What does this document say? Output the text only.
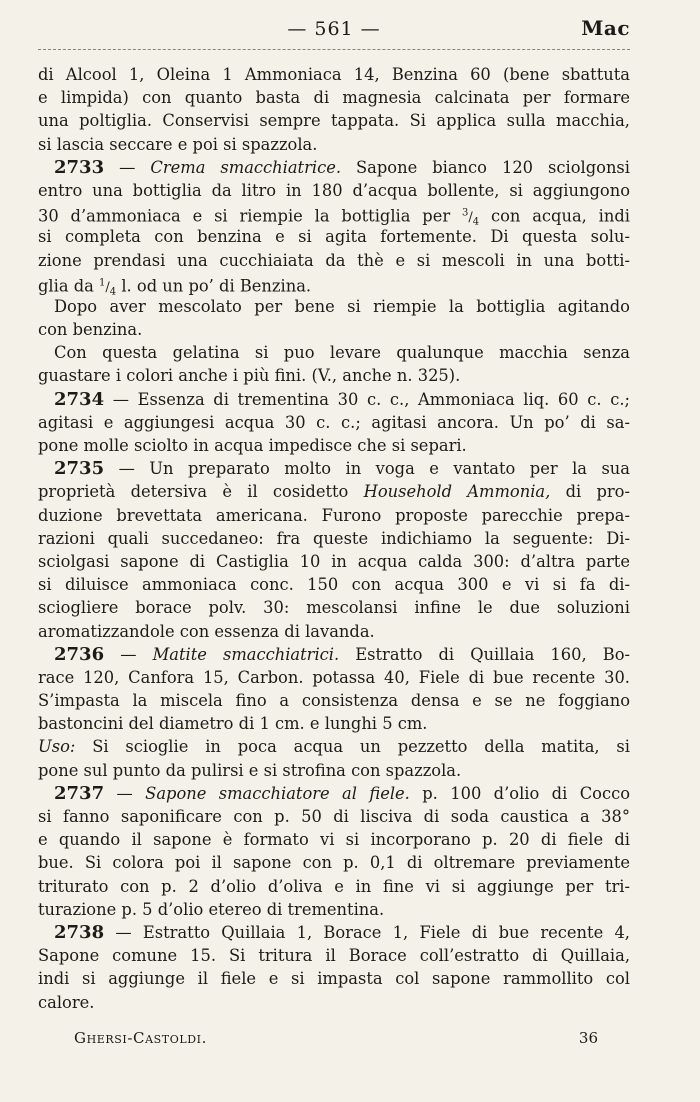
— 561 —	Mac
di Alcool 1, Oleina 1 Ammoniaca 14, Benzina 60 (bene sbattuta
e limpida) con quanto basta di magnesia calcinata per formare
una poltiglia. Conservisi sempre tappata. Si applica sulla macchia,
si lascia seccare e poi si spazzola.
2733 — Crema smacchiatrice. Sapone bianco 120 sciolgonsi
entro una bottiglia da litro in 180 d’acqua bollente, si aggiungono
30 d’ammoniaca e si riempie la bottiglia per $^3/_4$ con acqua, indi
si completa con benzina e si agita fortemente. Di questa solu-
zione prendasi una cucchiaiata da thè e si mescoli in una botti-
glia da $^1/_4$ l. od un po’ di Benzina.
Dopo aver mescolato per bene si riempie la bottiglia agitando
con benzina.
Con questa gelatina si puo levare qualunque macchia senza
guastare i colori anche i più fini. (V., anche n. 325).
2734 — Essenza di trementina 30 c. c., Ammoniaca liq. 60 c. c.;
agitasi e aggiungesi acqua 30 c. c.; agitasi ancora. Un po’ di sa-
pone molle sciolto in acqua impedisce che si separi.
2735 — Un preparato molto in voga e vantato per la sua
proprietà detersiva è il cosidetto Household Ammonia, di pro-
duzione brevettata americana. Furono proposte parecchie prepa-
razioni quali succedaneo: fra queste indichiamo la seguente: Di-
sciolgasi sapone di Castiglia 10 in acqua calda 300: d’altra parte
si diluisce ammoniaca conc. 150 con acqua 300 e vi si fa di-
sciogliere borace polv. 30: mescolansi infine le due soluzioni
aromatizzandole con essenza di lavanda.
2736 — Matite smacchiatrici. Estratto di Quillaia 160, Bo-
race 120, Canfora 15, Carbon. potassa 40, Fiele di bue recente 30.
S’impasta la miscela fino a consistenza densa e se ne foggiano
bastoncini del diametro di 1 cm. e lunghi 5 cm.
Uso: Si scioglie in poca acqua un pezzetto della matita, si
pone sul punto da pulirsi e si strofina con spazzola.
2737 — Sapone smacchiatore al fiele. p. 100 d’olio di Cocco
si fanno saponificare con p. 50 di lisciva di soda caustica a 38°
e quando il sapone è formato vi si incorporano p. 20 di fiele di
bue. Si colora poi il sapone con p. 0,1 di oltremare previamente
triturato con p. 2 d’olio d’oliva e in fine vi si aggiunge per tri-
turazione p. 5 d’olio etereo di trementina.
2738 — Estratto Quillaia 1, Borace 1, Fiele di bue recente 4,
Sapone comune 15. Si tritura il Borace coll’estratto di Quillaia,
indi si aggiunge il fiele e si impasta col sapone rammollito col
calore.
Ghersi-Castoldi.	36
